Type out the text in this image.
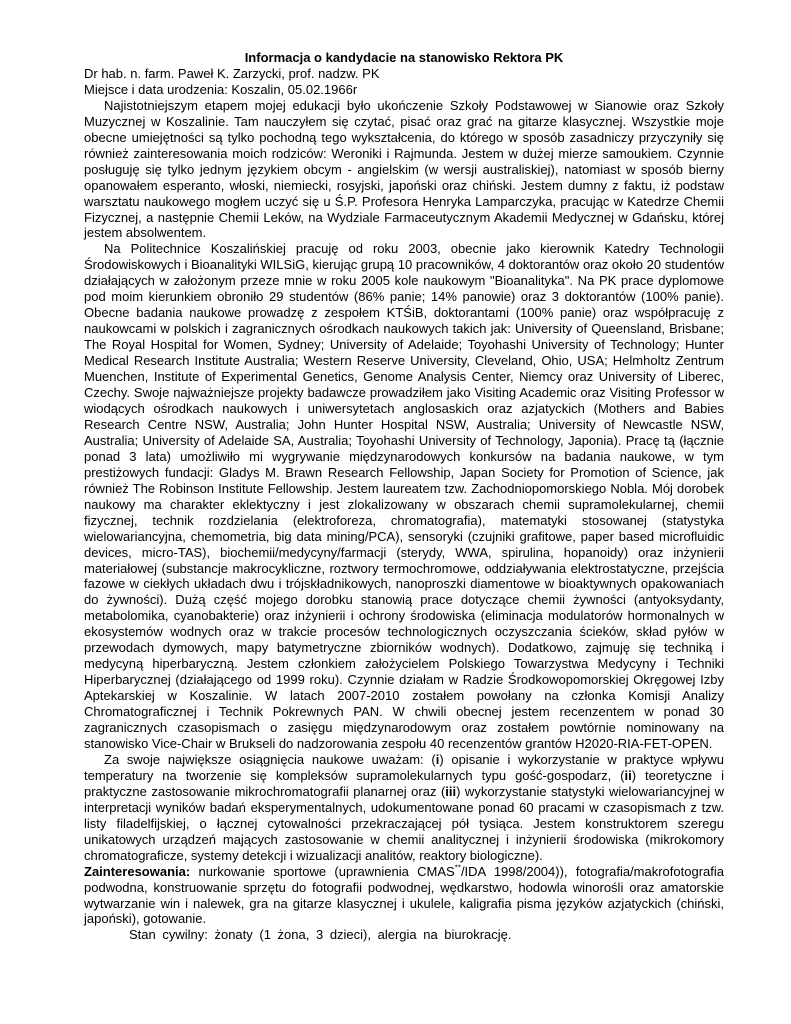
Informacja o kandydacie na stanowisko Rektora PK

Dr hab. n. farm. Paweł K. Zarzycki, prof. nadzw. PK

Miejsce i data urodzenia: Koszalin, 05.02.1966r

Najistotniejszym etapem mojej edukacji było ukończenie Szkoły Podstawowej w Sianowie oraz Szkoły Muzycznej w Koszalinie. Tam nauczyłem się czytać, pisać oraz grać na gitarze klasycznej. Wszystkie moje obecne umiejętności są tylko pochodną tego wykształcenia, do którego w sposób zasadniczy przyczyniły się również zainteresowania moich rodziców: Weroniki i Rajmunda. Jestem w dużej mierze samoukiem. Czynnie posługuję się tylko jednym językiem obcym - angielskim (w wersji australiskiej), natomiast w sposób bierny opanowałem esperanto, włoski, niemiecki, rosyjski, japoński oraz chiński. Jestem dumny z faktu, iż podstaw warsztatu naukowego mogłem uczyć się u Ś.P. Profesora Henryka Lamparczyka, pracując w Katedrze Chemii Fizycznej, a następnie Chemii Leków, na Wydziale Farmaceutycznym Akademii Medycznej w Gdańsku, której jestem absolwentem.

Na Politechnice Koszalińskiej pracuję od roku 2003, obecnie jako kierownik Katedry Technologii Środowiskowych i Bioanalityki WILSiG, kierując grupą 10 pracowników, 4 doktorantów oraz około 20 studentów działających w założonym przeze mnie w roku 2005 kole naukowym "Bioanalityka". Na PK prace dyplomowe pod moim kierunkiem obroniło 29 studentów (86% panie; 14% panowie) oraz 3 doktorantów (100% panie). Obecne badania naukowe prowadzę z zespołem KTŚiB, doktorantami (100% panie) oraz współpracuję z naukowcami w polskich i zagranicznych ośrodkach naukowych takich jak: University of Queensland, Brisbane; The Royal Hospital for Women, Sydney; University of Adelaide; Toyohashi University of Technology; Hunter Medical Research Institute Australia; Western Reserve University, Cleveland, Ohio, USA; Helmholtz Zentrum Muenchen, Institute of Experimental Genetics, Genome Analysis Center, Niemcy oraz University of Liberec, Czechy. Swoje najważniejsze projekty badawcze prowadziłem jako Visiting Academic oraz Visiting Professor w wiodących ośrodkach naukowych i uniwersytetach anglosaskich oraz azjatyckich (Mothers and Babies Research Centre NSW, Australia; John Hunter Hospital NSW, Australia; University of Newcastle NSW, Australia; University of Adelaide SA, Australia; Toyohashi University of Technology, Japonia). Pracę tą (łącznie ponad 3 lata) umożliwiło mi wygrywanie międzynarodowych konkursów na badania naukowe, w tym prestiżowych fundacji: Gladys M. Brawn Research Fellowship, Japan Society for Promotion of Science, jak również The Robinson Institute Fellowship. Jestem laureatem tzw. Zachodniopomorskiego Nobla. Mój dorobek naukowy ma charakter eklektyczny i jest zlokalizowany w obszarach chemii supramolekularnej, chemii fizycznej, technik rozdzielania (elektroforeza, chromatografia), matematyki stosowanej (statystyka wielowariancyjna, chemometria, big data mining/PCA), sensoryki (czujniki grafitowe, paper based microfluidic devices, micro-TAS), biochemii/medycyny/farmacji (sterydy, WWA, spirulina, hopanoidy) oraz inżynierii materiałowej (substancje makrocykliczne, roztwory termochromowe, oddziaływania elektrostatyczne, przejścia fazowe w ciekłych układach dwu i trójskładnikowych, nanoproszki diamentowe w bioaktywnych opakowaniach do żywności). Dużą część mojego dorobku stanowią prace dotyczące chemii żywności (antyoksydanty, metabolomika, cyanobakterie) oraz inżynierii i ochrony środowiska (eliminacja modulatorów hormonalnych w ekosystemów wodnych oraz w trakcie procesów technologicznych oczyszczania ścieków, skład pyłów w przewodach dymowych, mapy batymetryczne zbiorników wodnych). Dodatkowo, zajmuję się techniką i medycyną hiperbaryczną. Jestem członkiem założycielem Polskiego Towarzystwa Medycyny i Techniki Hiperbarycznej (działającego od 1999 roku). Czynnie działam w Radzie Środkowopomorskiej Okręgowej Izby Aptekarskiej w Koszalinie. W latach 2007-2010 zostałem powołany na członka Komisji Analizy Chromatograficznej i Technik Pokrewnych PAN. W chwili obecnej jestem recenzentem w ponad 30 zagranicznych czasopismach o zasięgu międzynarodowym oraz zostałem powtórnie nominowany na stanowisko Vice-Chair w Brukseli do nadzorowania zespołu 40 recenzentów grantów H2020-RIA-FET-OPEN.

Za swoje największe osiągnięcia naukowe uważam: (i) opisanie i wykorzystanie w praktyce wpływu temperatury na tworzenie się kompleksów supramolekularnych typu gość-gospodarz, (ii) teoretyczne i praktyczne zastosowanie mikrochromatografii planarnej oraz (iii) wykorzystanie statystyki wielowariancyjnej w interpretacji wyników badań eksperymentalnych, udokumentowane ponad 60 pracami w czasopismach z tzw. listy filadelfijskiej, o łącznej cytowalności przekraczającej pół tysiąca. Jestem konstruktorem szeregu unikatowych urządzeń mających zastosowanie w chemii analitycznej i inżynierii środowiska (mikrokomory chromatograficze, systemy detekcji i wizualizacji analitów, reaktory biologiczne).

Zainteresowania: nurkowanie sportowe (uprawnienia CMAS**/IDA 1998/2004)), fotografia/makrofotografia podwodna, konstruowanie sprzętu do fotografii podwodnej, wędkarstwo, hodowla winorośli oraz amatorskie wytwarzanie win i nalewek, gra na gitarze klasycznej i ukulele, kaligrafia pisma języków azjatyckich (chiński, japoński), gotowanie.

Stan cywilny: żonaty (1 żona, 3 dzieci), alergia na biurokrację.
